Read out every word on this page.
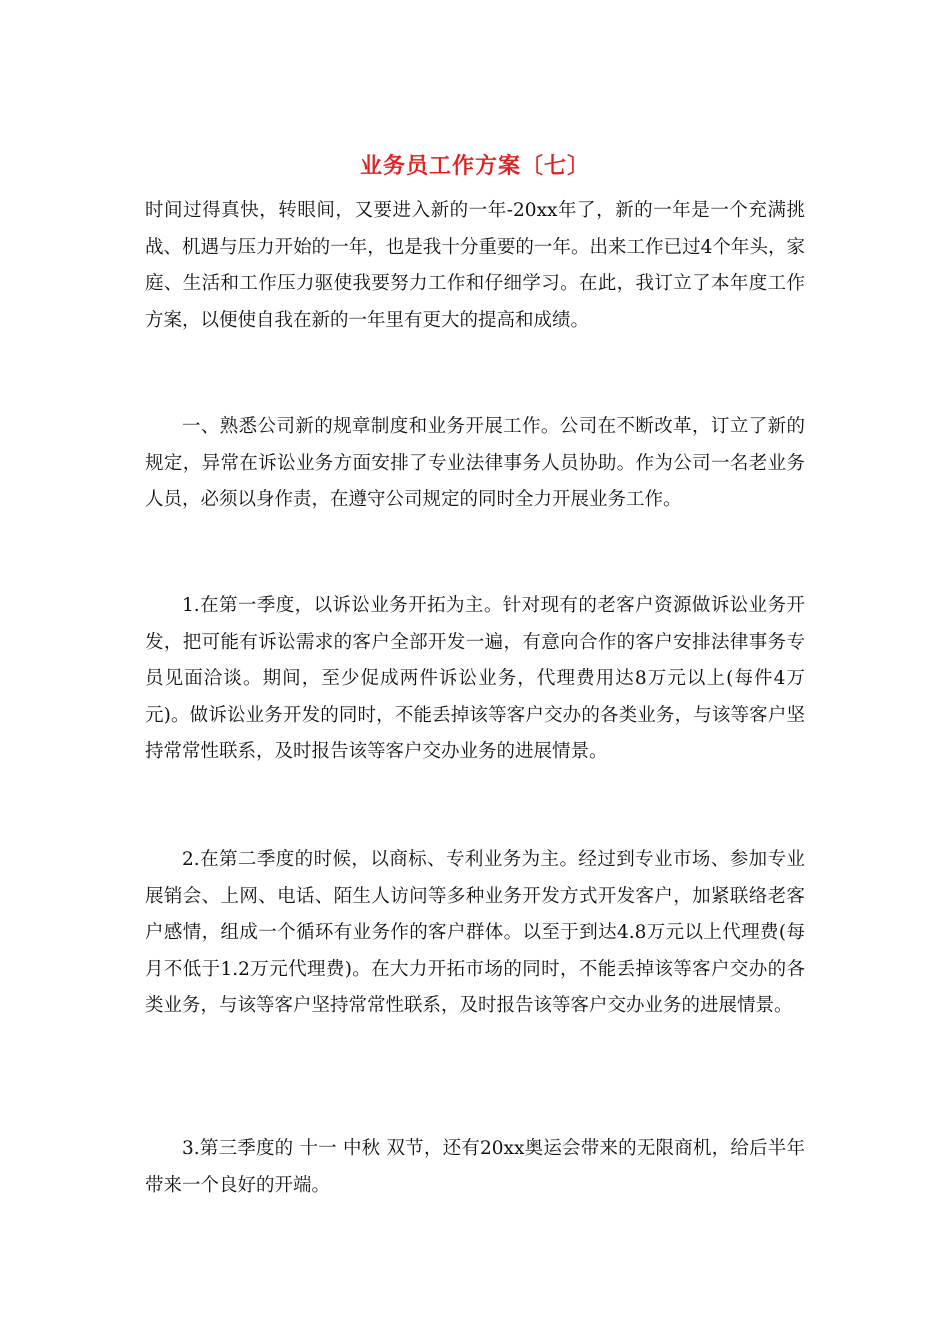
业务员工作方案〔七〕

时间过得真快，转眼间，又要进入新的一年-20xx年了，新的一年是一个充满挑战、机遇与压力开始的一年，也是我十分重要的一年。出来工作已过4个年头，家庭、生活和工作压力驱使我要努力工作和仔细学习。在此，我订立了本年度工作方案，以便使自我在新的一年里有更大的提高和成绩。

一、熟悉公司新的规章制度和业务开展工作。公司在不断改革，订立了新的规定，异常在诉讼业务方面安排了专业法律事务人员协助。作为公司一名老业务人员，必须以身作责，在遵守公司规定的同时全力开展业务工作。

1.在第一季度，以诉讼业务开拓为主。针对现有的老客户资源做诉讼业务开发，把可能有诉讼需求的客户全部开发一遍，有意向合作的客户安排法律事务专员见面洽谈。期间，至少促成两件诉讼业务，代理费用达8万元以上(每件4万元)。做诉讼业务开发的同时，不能丢掉该等客户交办的各类业务，与该等客户坚持常常性联系，及时报告该等客户交办业务的进展情景。

2.在第二季度的时候，以商标、专利业务为主。经过到专业市场、参加专业展销会、上网、电话、陌生人访问等多种业务开发方式开发客户，加紧联络老客户感情，组成一个循环有业务作的客户群体。以至于到达4.8万元以上代理费(每月不低于1.2万元代理费)。在大力开拓市场的同时，不能丢掉该等客户交办的各类业务，与该等客户坚持常常性联系，及时报告该等客户交办业务的进展情景。

3.第三季度的 十一 中秋 双节，还有20xx奥运会带来的无限商机，给后半年带来一个良好的开端。
